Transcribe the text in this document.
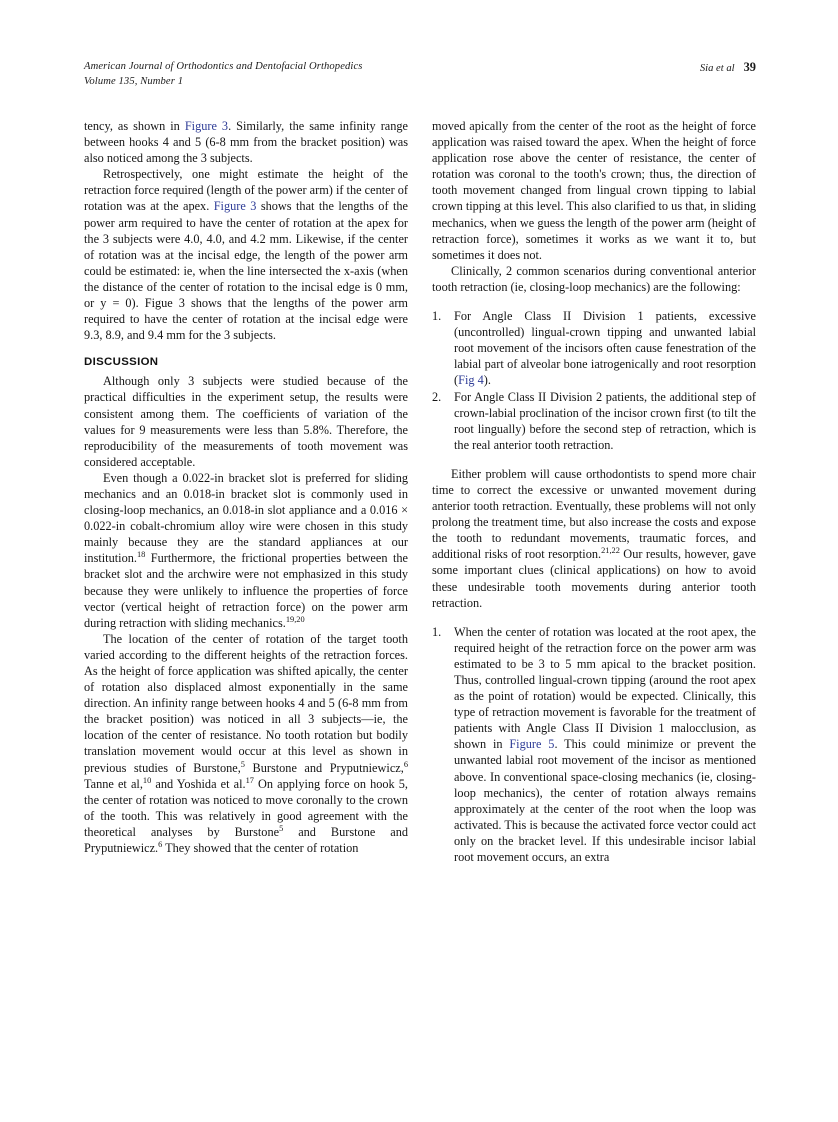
American Journal of Orthodontics and Dentofacial Orthopedics
Volume 135, Number 1
Sia et al 39

tency, as shown in Figure 3. Similarly, the same infinity range between hooks 4 and 5 (6-8 mm from the bracket position) was also noticed among the 3 subjects.

Retrospectively, one might estimate the height of the retraction force required (length of the power arm) if the center of rotation was at the apex. Figure 3 shows that the lengths of the power arm required to have the center of rotation at the apex for the 3 subjects were 4.0, 4.0, and 4.2 mm. Likewise, if the center of rotation was at the incisal edge, the length of the power arm could be estimated: ie, when the line intersected the x-axis (when the distance of the center of rotation to the incisal edge is 0 mm, or y = 0). Figue 3 shows that the lengths of the power arm required to have the center of rotation at the incisal edge were 9.3, 8.9, and 9.4 mm for the 3 subjects.

DISCUSSION

Although only 3 subjects were studied because of the practical difficulties in the experiment setup, the results were consistent among them. The coefficients of variation of the values for 9 measurements were less than 5.8%. Therefore, the reproducibility of the measurements of tooth movement was considered acceptable.

Even though a 0.022-in bracket slot is preferred for sliding mechanics and an 0.018-in bracket slot is commonly used in closing-loop mechanics, an 0.018-in slot appliance and a 0.016 × 0.022-in cobalt-chromium alloy wire were chosen in this study mainly because they are the standard appliances at our institution.$^{18}$ Furthermore, the frictional properties between the bracket slot and the archwire were not emphasized in this study because they were unlikely to influence the properties of force vector (vertical height of retraction force) on the power arm during retraction with sliding mechanics.$^{19,20}$

The location of the center of rotation of the target tooth varied according to the different heights of the retraction forces. As the height of force application was shifted apically, the center of rotation also displaced almost exponentially in the same direction. An infinity range between hooks 4 and 5 (6-8 mm from the bracket position) was noticed in all 3 subjects—ie, the location of the center of resistance. No tooth rotation but bodily translation movement would occur at this level as shown in previous studies of Burstone,$^5$ Burstone and Pryputniewicz,$^6$ Tanne et al,$^{10}$ and Yoshida et al.$^{17}$ On applying force on hook 5, the center of rotation was noticed to move coronally to the crown of the tooth. This was relatively in good agreement with the theoretical analyses by Burstone$^5$ and Burstone and Pryputniewicz.$^6$ They showed that the center of rotation

moved apically from the center of the root as the height of force application was raised toward the apex. When the height of force application rose above the center of resistance, the center of rotation was coronal to the tooth's crown; thus, the direction of tooth movement changed from lingual crown tipping to labial crown tipping at this level. This also clarified to us that, in sliding mechanics, when we guess the length of the power arm (height of retraction force), sometimes it works as we want it to, but sometimes it does not.

Clinically, 2 common scenarios during conventional anterior tooth retraction (ie, closing-loop mechanics) are the following:

1.	For Angle Class II Division 1 patients, excessive (uncontrolled) lingual-crown tipping and unwanted labial root movement of the incisors often cause fenestration of the labial part of alveolar bone iatrogenically and root resorption (Fig 4).
2.	For Angle Class II Division 2 patients, the additional step of crown-labial proclination of the incisor crown first (to tilt the root lingually) before the second step of retraction, which is the real anterior tooth retraction.

Either problem will cause orthodontists to spend more chair time to correct the excessive or unwanted movement during anterior tooth retraction. Eventually, these problems will not only prolong the treatment time, but also increase the costs and expose the tooth to redundant movements, traumatic forces, and additional risks of root resorption.$^{21,22}$ Our results, however, gave some important clues (clinical applications) on how to avoid these undesirable tooth movements during anterior tooth retraction.

1.	When the center of rotation was located at the root apex, the required height of the retraction force on the power arm was estimated to be 3 to 5 mm apical to the bracket position. Thus, controlled lingual-crown tipping (around the root apex as the point of rotation) would be expected. Clinically, this type of retraction movement is favorable for the treatment of patients with Angle Class II Division 1 malocclusion, as shown in Figure 5. This could minimize or prevent the unwanted labial root movement of the incisor as mentioned above. In conventional space-closing mechanics (ie, closing-loop mechanics), the center of rotation always remains approximately at the center of the root when the loop was activated. This is because the activated force vector could act only on the bracket level. If this undesirable incisor labial root movement occurs, an extra
